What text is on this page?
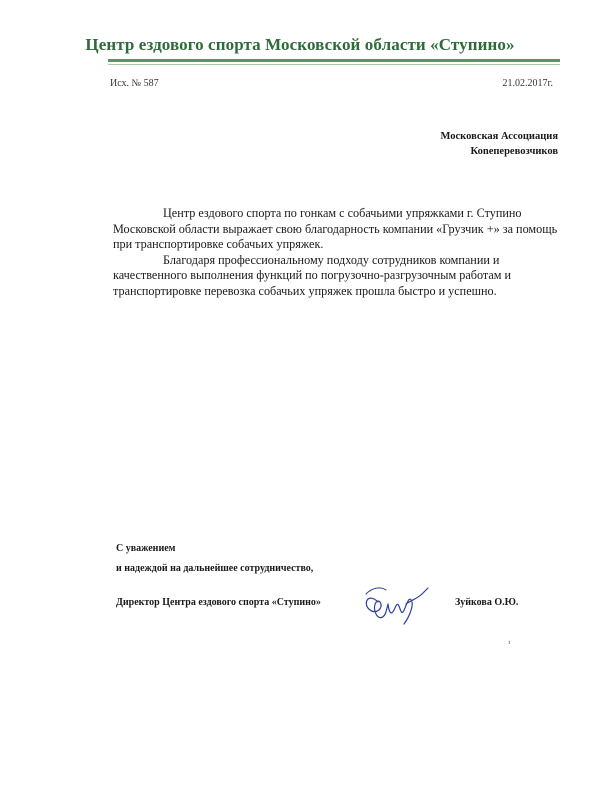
Центр ездового спорта Московской области «Ступино»
Исх. № 587	21.02.2017г.
Московская Ассоциация
Коneперевозчиков

Центр ездового спорта по гонкам с собачьими упряжками г. Ступино Московской области выражает свою благодарность компании «Грузчик +» за помощь при транспортировке собачьих упряжек.

Благодаря профессиональному подходу сотрудников компании и качественного выполнения функций по погрузочно-разгрузочным работам и транспортировке перевозка собачьих упряжек прошла быстро и успешно.

С уважением
и надеждой на дальнейшее сотрудничество,
Директор Центра ездового спорта «Ступино»	Зуйкова О.Ю.
з
